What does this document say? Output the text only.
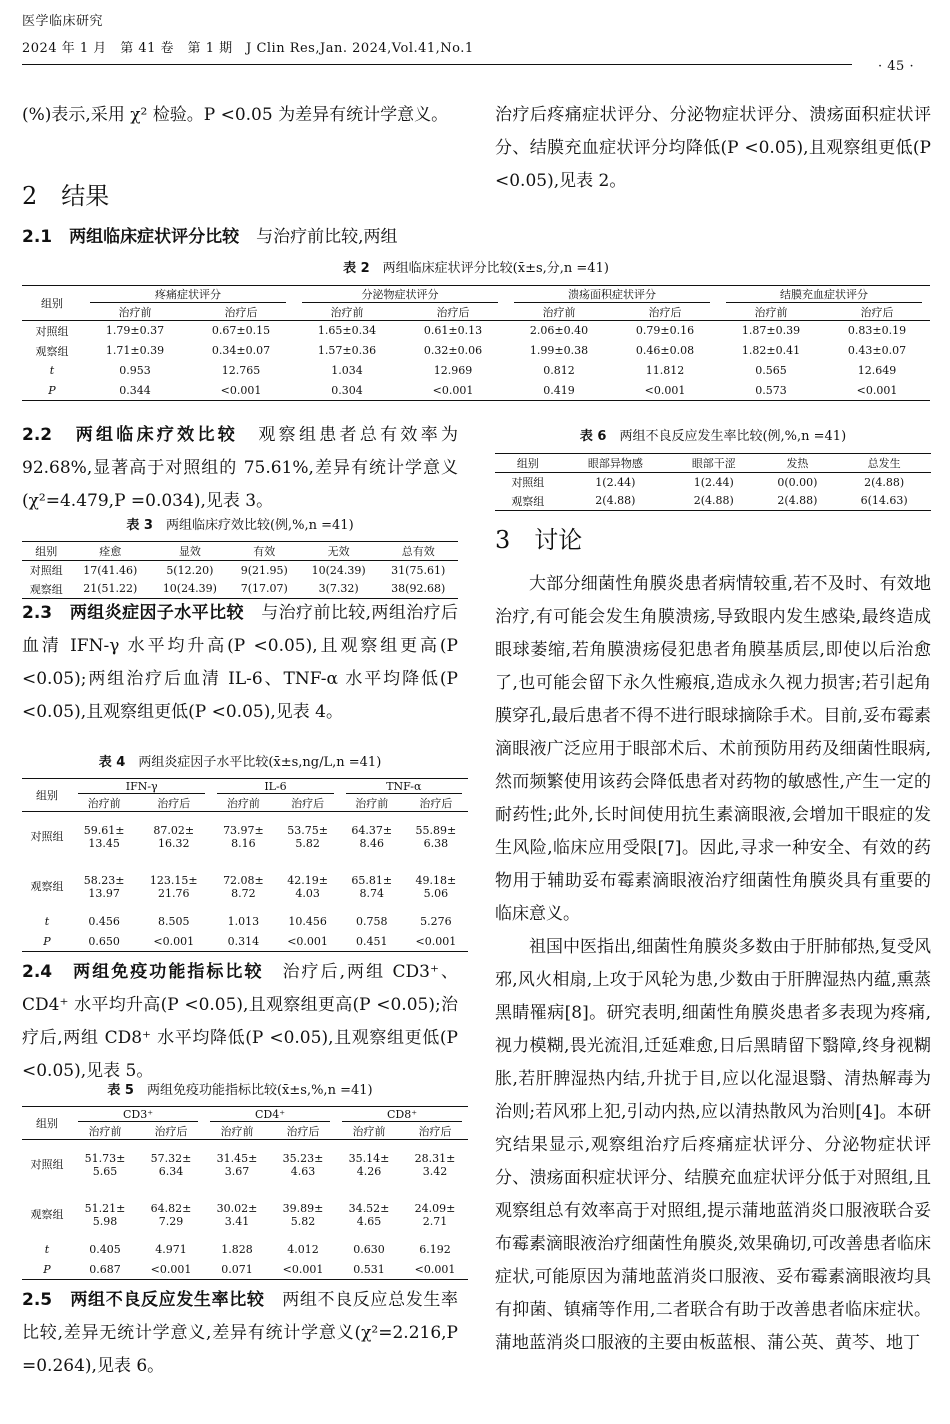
医学临床研究
2024 年 1 月　第 41 卷　第 1 期　J Clin Res,Jan. 2024,Vol.41,No.1
· 45 ·
(%)表示,采用 χ² 检验。P <0.05 为差异有统计学意义。
2　结果
2.1　两组临床症状评分比较　 与治疗前比较,两组
表 2　 两组临床症状评分比较(x̄±s,分,n =41)
组别	疼痛症状评分		分泌物症状评分		溃疡面积症状评分		结膜充血症状评分	

	治疗前	治疗后	治疗前	治疗后	治疗前	治疗后	治疗前	治疗后
对照组	1.79±0.37	0.67±0.15	1.65±0.34	0.61±0.13	2.06±0.40	0.79±0.16	1.87±0.39	0.83±0.19
观察组	1.71±0.39	0.34±0.07	1.57±0.36	0.32±0.06	1.99±0.38	0.46±0.08	1.82±0.41	0.43±0.07
t	0.953	12.765	1.034	12.969	0.812	11.812	0.565	12.649
P	0.344	<0.001	0.304	<0.001	0.419	<0.001	0.573	<0.001
2.2　两组临床疗效比较　 观察组患者总有效率为 92.68%,显著高于对照组的 75.61%,差异有统计学意义(χ²=4.479,P =0.034),见表 3。
表 3　 两组临床疗效比较(例,%,n =41)
组别	痊愈	显效	有效	无效	总有效
对照组	17(41.46)	5(12.20)	9(21.95)	10(24.39)	31(75.61)
观察组	21(51.22)	10(24.39)	7(17.07)	3(7.32)	38(92.68)
2.3　两组炎症因子水平比较　 与治疗前比较,两组治疗后血清 IFN-γ 水平均升高(P <0.05),且观察组更高(P <0.05);两组治疗后血清 IL-6、TNF-α 水平均降低(P <0.05),且观察组更低(P <0.05),见表 4。
表 4　 两组炎症因子水平比较(x̄±s,ng/L,n =41)
组别	IFN-γ		IL-6		TNF-α	

	治疗前	治疗后	治疗前	治疗后	治疗前	治疗后
对照组	59.61±
13.45	87.02±
16.32	73.97±
8.16	53.75±
5.82	64.37±
8.46	55.89±
6.38
观察组	58.23±
13.97	123.15±
21.76	72.08±
8.72	42.19±
4.03	65.81±
8.74	49.18±
5.06
t	0.456	8.505	1.013	10.456	0.758	5.276
P	0.650	<0.001	0.314	<0.001	0.451	<0.001
2.4　两组免疫功能指标比较　 治疗后,两组 CD3⁺、CD4⁺ 水平均升高(P <0.05),且观察组更高(P <0.05);治疗后,两组 CD8⁺ 水平均降低(P <0.05),且观察组更低(P <0.05),见表 5。
表 5　 两组免疫功能指标比较(x̄±s,%,n =41)
组别	CD3⁺		CD4⁺		CD8⁺	

	治疗前	治疗后	治疗前	治疗后	治疗前	治疗后
对照组	51.73±
5.65	57.32±
6.34	31.45±
3.67	35.23±
4.63	35.14±
4.26	28.31±
3.42
观察组	51.21±
5.98	64.82±
7.29	30.02±
3.41	39.89±
5.82	34.52±
4.65	24.09±
2.71
t	0.405	4.971	1.828	4.012	0.630	6.192
P	0.687	<0.001	0.071	<0.001	0.531	<0.001
2.5　两组不良反应发生率比较　 两组不良反应总发生率比较,差异无统计学意义,差异有统计学意义(χ²=2.216,P =0.264),见表 6。
治疗后疼痛症状评分、分泌物症状评分、溃疡面积症状评分、结膜充血症状评分均降低(P <0.05),且观察组更低(P <0.05),见表 2。
表 6　 两组不良反应发生率比较(例,%,n =41)
组别	眼部异物感	眼部干涩	发热	总发生
对照组	1(2.44)	1(2.44)	0(0.00)	2(4.88)
观察组	2(4.88)	2(4.88)	2(4.88)	6(14.63)
3　讨论
大部分细菌性角膜炎患者病情较重,若不及时、有效地治疗,有可能会发生角膜溃疡,导致眼内发生感染,最终造成眼球萎缩,若角膜溃疡侵犯患者角膜基质层,即使以后治愈了,也可能会留下永久性瘢痕,造成永久视力损害;若引起角膜穿孔,最后患者不得不进行眼球摘除手术。目前,妥布霉素滴眼液广泛应用于眼部术后、术前预防用药及细菌性眼病,然而频繁使用该药会降低患者对药物的敏感性,产生一定的耐药性;此外,长时间使用抗生素滴眼液,会增加干眼症的发生风险,临床应用受限[7]。因此,寻求一种安全、有效的药物用于辅助妥布霉素滴眼液治疗细菌性角膜炎具有重要的临床意义。
祖国中医指出,细菌性角膜炎多数由于肝肺郁热,复受风邪,风火相扇,上攻于风轮为患,少数由于肝脾湿热内蕴,熏蒸黑睛罹病[8]。研究表明,细菌性角膜炎患者多表现为疼痛,视力模糊,畏光流泪,迁延难愈,日后黑睛留下翳障,终身视糊胀,若肝脾湿热内结,升扰于目,应以化湿退翳、清热解毒为治则;若风邪上犯,引动内热,应以清热散风为治则[4]。本研究结果显示,观察组治疗后疼痛症状评分、分泌物症状评分、溃疡面积症状评分、结膜充血症状评分低于对照组,且观察组总有效率高于对照组,提示蒲地蓝消炎口服液联合妥布霉素滴眼液治疗细菌性角膜炎,效果确切,可改善患者临床症状,可能原因为蒲地蓝消炎口服液、妥布霉素滴眼液均具有抑菌、镇痛等作用,二者联合有助于改善患者临床症状。蒲地蓝消炎口服液的主要由板蓝根、蒲公英、黄芩、地丁
